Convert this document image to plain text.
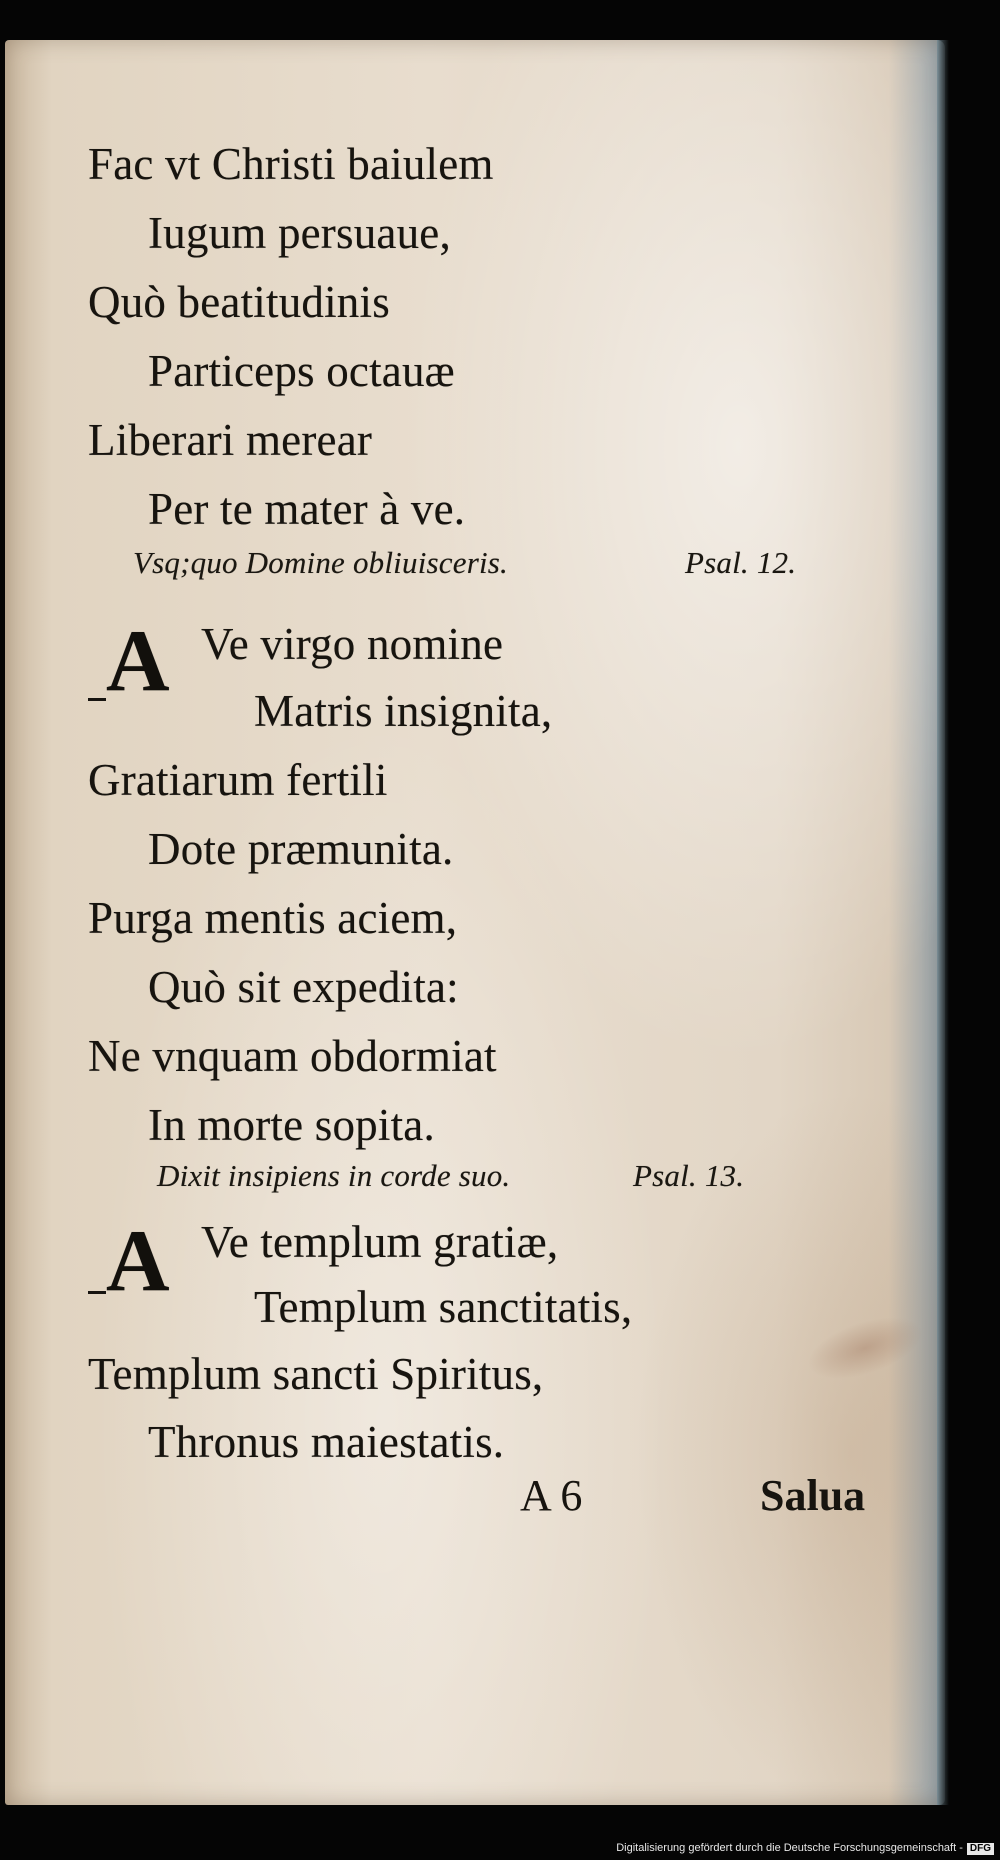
Fac vt Christi baiulem
Iugum persuaue,
Quò beatitudinis
Particeps octauæ
Liberari merear
Per te mater à ve.
Vsq;quo Domine obliuisceris.	Psal. 12.
A Ve virgo nomine
Matris insignita,
Gratiarum fertili
Dote præmunita.
Purga mentis aciem,
Quò sit expedita:
Ne vnquam obdormiat
In morte sopita.
Dixit insipiens in corde suo.	Psal. 13.
A Ve templum gratiæ,
Templum sanctitatis,
Templum sancti Spiritus,
Thronus maiestatis.
A 6	Salua
Digitalisierung gefördert durch die Deutsche Forschungsgemeinschaft - DFG
